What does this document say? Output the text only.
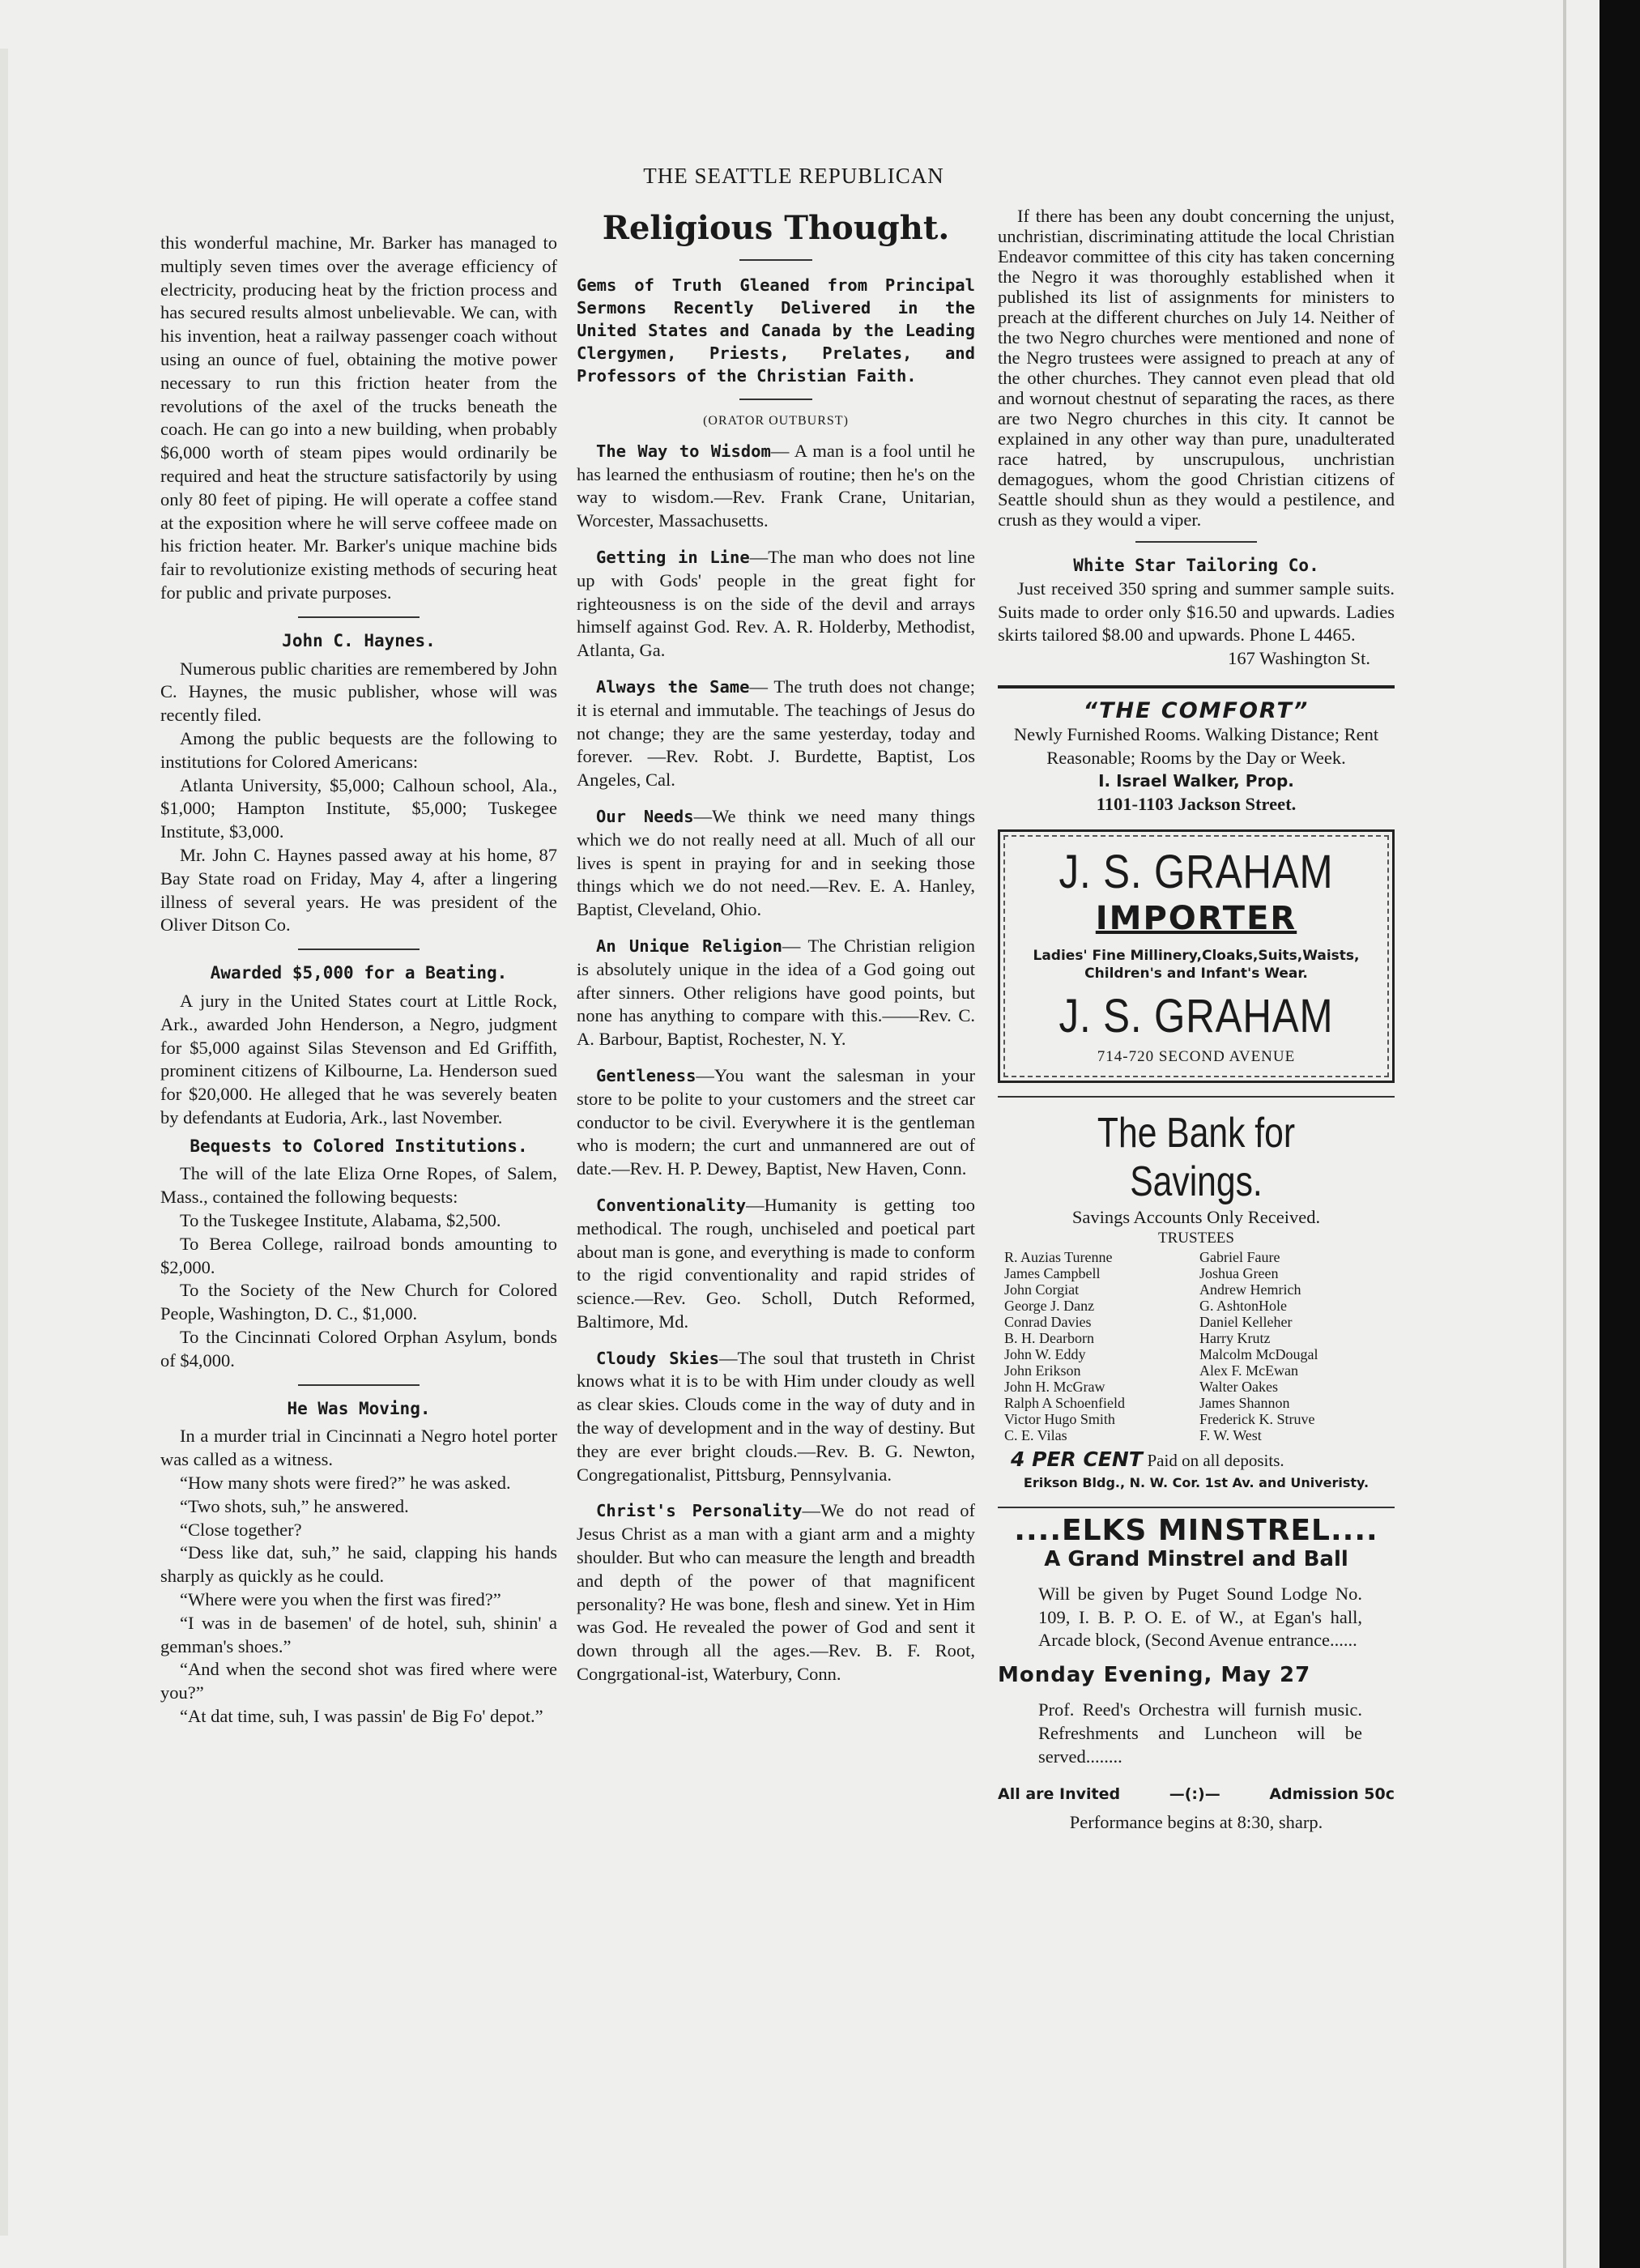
THE SEATTLE REPUBLICAN

this wonderful machine, Mr. Barker has managed to multiply seven times over the average efficiency of electricity, producing heat by the friction process and has secured results almost unbelievable. We can, with his invention, heat a railway passenger coach without using an ounce of fuel, obtaining the motive power necessary to run this friction heater from the revolutions of the axel of the trucks beneath the coach. He can go into a new building, when probably $6,000 worth of steam pipes would ordinarily be required and heat the structure satisfactorily by using only 80 feet of piping. He will operate a coffee stand at the exposition where he will serve coffeee made on his friction heater. Mr. Barker's unique machine bids fair to revolutionize existing methods of securing heat for public and private purposes.

John C. Haynes.

Numerous public charities are remembered by John C. Haynes, the music publisher, whose will was recently filed.

Among the public bequests are the following to institutions for Colored Americans:

Atlanta University, $5,000; Calhoun school, Ala., $1,000; Hampton Institute, $5,000; Tuskegee Institute, $3,000.

Mr. John C. Haynes passed away at his home, 87 Bay State road on Friday, May 4, after a lingering illness of several years. He was president of the Oliver Ditson Co.

Awarded $5,000 for a Beating.

A jury in the United States court at Little Rock, Ark., awarded John Henderson, a Negro, judgment for $5,000 against Silas Stevenson and Ed Griffith, prominent citizens of Kilbourne, La. Henderson sued for $20,000. He alleged that he was severely beaten by defendants at Eudoria, Ark., last November.

Bequests to Colored Institutions.

The will of the late Eliza Orne Ropes, of Salem, Mass., contained the following bequests:

To the Tuskegee Institute, Alabama, $2,500.

To Berea College, railroad bonds amounting to $2,000.

To the Society of the New Church for Colored People, Washington, D. C., $1,000.

To the Cincinnati Colored Orphan Asylum, bonds of $4,000.

He Was Moving.

In a murder trial in Cincinnati a Negro hotel porter was called as a witness.

“How many shots were fired?” he was asked.

“Two shots, suh,” he answered.

“Close together?

“Dess like dat, suh,” he said, clapping his hands sharply as quickly as he could.

“Where were you when the first was fired?”

“I was in de basemen' of de hotel, suh, shinin' a gemman's shoes.”

“And when the second shot was fired where were you?”

“At dat time, suh, I was passin' de Big Fo' depot.”

Religious Thought.
Gems of Truth Gleaned from Principal Sermons Recently Delivered in the United States and Canada by the Leading Clergymen, Priests, Prelates, and Professors of the Christian Faith.
(ORATOR OUTBURST)

The Way to Wisdom— A man is a fool until he has learned the enthusiasm of routine; then he's on the way to wisdom.—Rev. Frank Crane, Unitarian, Worcester, Massachusetts.

Getting in Line—The man who does not line up with Gods' people in the great fight for righteousness is on the side of the devil and arrays himself against God. Rev. A. R. Holderby, Methodist, Atlanta, Ga.

Always the Same— The truth does not change; it is eternal and immutable. The teachings of Jesus do not change; they are the same yesterday, today and forever. —Rev. Robt. J. Burdette, Baptist, Los Angeles, Cal.

Our Needs—We think we need many things which we do not really need at all. Much of all our lives is spent in praying for and in seeking those things which we do not need.—Rev. E. A. Hanley, Baptist, Cleveland, Ohio.

An Unique Religion— The Christian religion is absolutely unique in the idea of a God going out after sinners. Other religions have good points, but none has anything to compare with this.——Rev. C. A. Barbour, Baptist, Rochester, N. Y.

Gentleness—You want the salesman in your store to be polite to your customers and the street car conductor to be civil. Everywhere it is the gentleman who is modern; the curt and unmannered are out of date.—Rev. H. P. Dewey, Baptist, New Haven, Conn.

Conventionality—Humanity is getting too methodical. The rough, unchiseled and poetical part about man is gone, and everything is made to conform to the rigid conventionality and rapid strides of science.—Rev. Geo. Scholl, Dutch Reformed, Baltimore, Md.

Cloudy Skies—The soul that trusteth in Christ knows what it is to be with Him under cloudy as well as clear skies. Clouds come in the way of duty and in the way of development and in the way of destiny. But they are ever bright clouds.—Rev. B. G. Newton, Congregationalist, Pittsburg, Pennsylvania.

Christ's Personality—We do not read of Jesus Christ as a man with a giant arm and a mighty shoulder. But who can measure the length and breadth and depth of the power of that magnificent personality? He was bone, flesh and sinew. Yet in Him was God. He revealed the power of God and sent it down through all the ages.—Rev. B. F. Root, Congrgational-ist, Waterbury, Conn.

If there has been any doubt concerning the unjust, unchristian, discriminating attitude the local Christian Endeavor committee of this city has taken concerning the Negro it was thoroughly established when it published its list of assignments for ministers to preach at the different churches on July 14. Neither of the two Negro churches were mentioned and none of the Negro trustees were assigned to preach at any of the other churches. They cannot even plead that old and wornout chestnut of separating the races, as there are two Negro churches in this city. It cannot be explained in any other way than pure, unadulterated race hatred, by unscrupulous, unchristian demagogues, whom the good Christian citizens of Seattle should shun as they would a pestilence, and crush as they would a viper.

White Star Tailoring Co.

Just received 350 spring and summer sample suits. Suits made to order only $16.50 and upwards. Ladies skirts tailored $8.00 and upwards. Phone L 4465.

167 Washington St.
“THE COMFORT”
Newly Furnished Rooms. Walking Distance; Rent Reasonable; Rooms by the Day or Week.
I. Israel Walker, Prop.
1101-1103 Jackson Street.
J. S. GRAHAM
IMPORTER
Ladies' Fine Millinery,Cloaks,Suits,Waists, Children's and Infant's Wear.
J. S. GRAHAM
714-720 SECOND AVENUE
The Bank for Savings.
Savings Accounts Only Received.
TRUSTEES
R. Auzias Turenne
James Campbell
John Corgiat
George J. Danz
Conrad Davies
B. H. Dearborn
John W. Eddy
John Erikson
John H. McGraw
Ralph A Schoenfield
Victor Hugo Smith
C. E. Vilas
Gabriel Faure
Joshua Green
Andrew Hemrich
G. AshtonHole
Daniel Kelleher
Harry Krutz
Malcolm McDougal
Alex F. McEwan
Walter Oakes
James Shannon
Frederick K. Struve
F. W. West
4 PER CENT Paid on all deposits.
Erikson Bldg., N. W. Cor. 1st Av. and Univeristy.
....ELKS MINSTREL....
A Grand Minstrel and Ball
Will be given by Puget Sound Lodge No. 109, I. B. P. O. E. of W., at Egan's hall, Arcade block, (Second Avenue entrance......
Monday Evening, May 27
Prof. Reed's Orchestra will furnish music. Refreshments and Luncheon will be served........
All are Invited	—(:)—	Admission 50c
Performance begins at 8:30, sharp.
